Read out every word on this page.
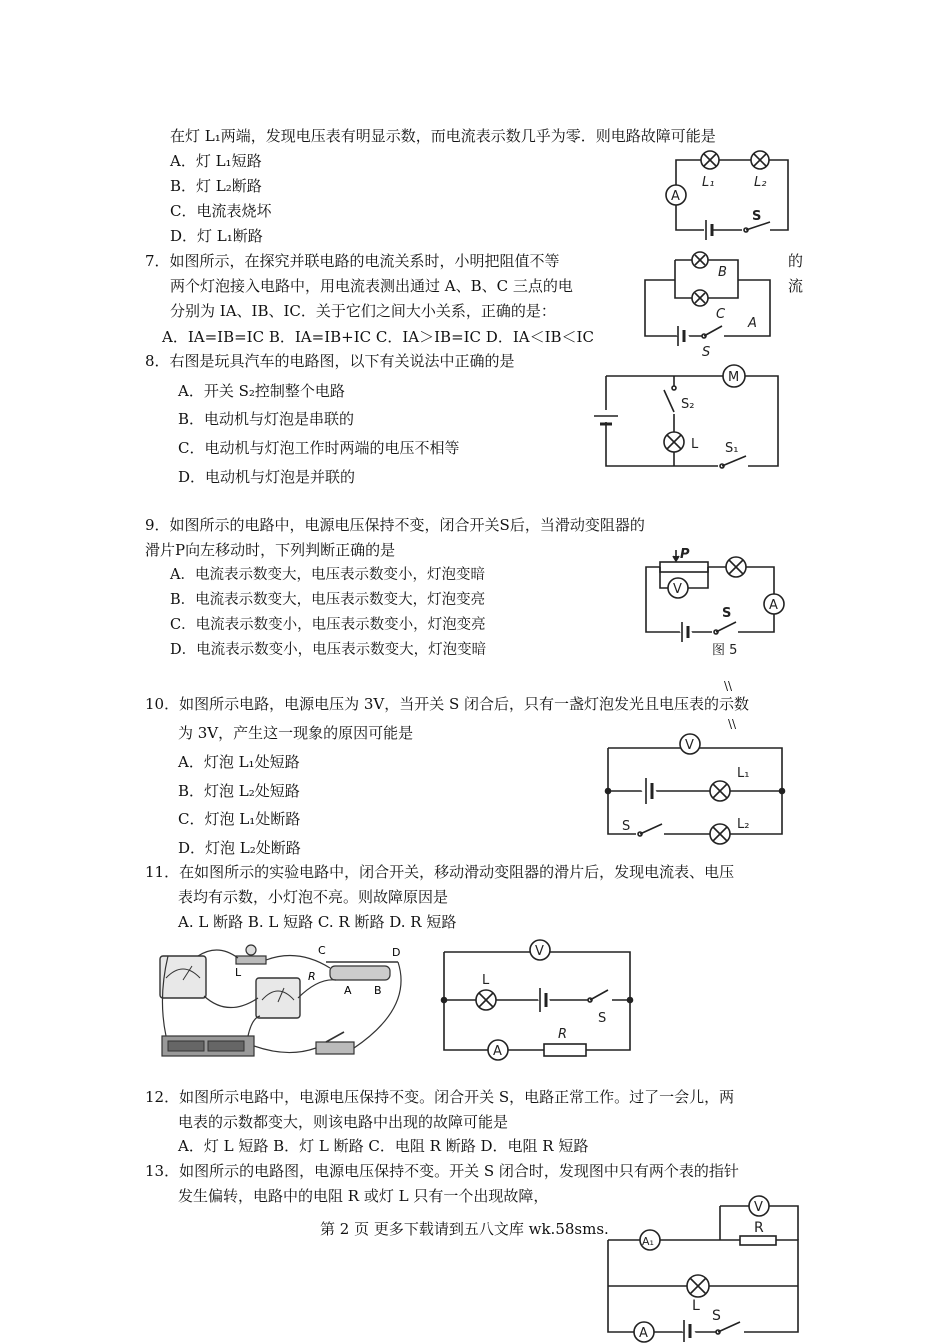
在灯 L₁两端，发现电压表有明显示数，而电流表示数几乎为零．则电路故障可能是
A．灯 L₁短路
B．灯 L₂断路
C．电流表烧坏
D．灯 L₁断路
A
L₁	L₂
S
7．如图所示，在探究并联电路的电流关系时，小明把阻值不等	的
两个灯泡接入电路中，用电流表测出通过 A、B、C 三点的电	流
分别为 IA、IB、IC．关于它们之间大小关系，正确的是：
A．IA=IB=IC B．IA=IB+IC C．IA＞IB=IC D．IA＜IB＜IC
B
C
A
S
8．右图是玩具汽车的电路图，以下有关说法中正确的是
A．开关 S₂控制整个电路
B．电动机与灯泡是串联的
C．电动机与灯泡工作时两端的电压不相等
D．电动机与灯泡是并联的
M
S₂
L S₁
9．如图所示的电路中，电源电压保持不变，闭合开关S后，当滑动变阻器的
滑片P向左移动时，下列判断正确的是
A．电流表示数变大，电压表示数变小，灯泡变暗
B．电流表示数变大，电压表示数变大，灯泡变亮
C．电流表示数变小，电压表示数变小，灯泡变亮
D．电流表示数变小，电压表示数变大，灯泡变暗
P
V
A
S
图 5
\\
10．如图所示电路，电源电压为 3V，当开关 S 闭合后，只有一盏灯泡发光且电压表的示数
\\
为 3V，产生这一现象的原因可能是
A．灯泡 L₁处短路
B．灯泡 L₂处短路
C．灯泡 L₁处断路
D．灯泡 L₂处断路
V
L₁
S	L₂
11．在如图所示的实验电路中，闭合开关，移动滑动变阻器的滑片后，发现电流表、电压
表均有示数，小灯泡不亮。则故障原因是
A. L 断路 B. L 短路 C. R 断路 D. R 短路
L
C	D
R
A B
V
L
S
A
R
12．如图所示电路中，电源电压保持不变。闭合开关 S，电路正常工作。过了一会儿，两
电表的示数都变大，则该电路中出现的故障可能是
A．灯 L 短路 B．灯 L 断路 C．电阻 R 断路 D．电阻 R 短路
13．如图所示的电路图，电源电压保持不变。开关 S 闭合时，发现图中只有两个表的指针
发生偏转，电路中的电阻 R 或灯 L 只有一个出现故障，
V
R
A₁
L
A
S
第 2 页 更多下载请到五八文库 wk.58sms.
